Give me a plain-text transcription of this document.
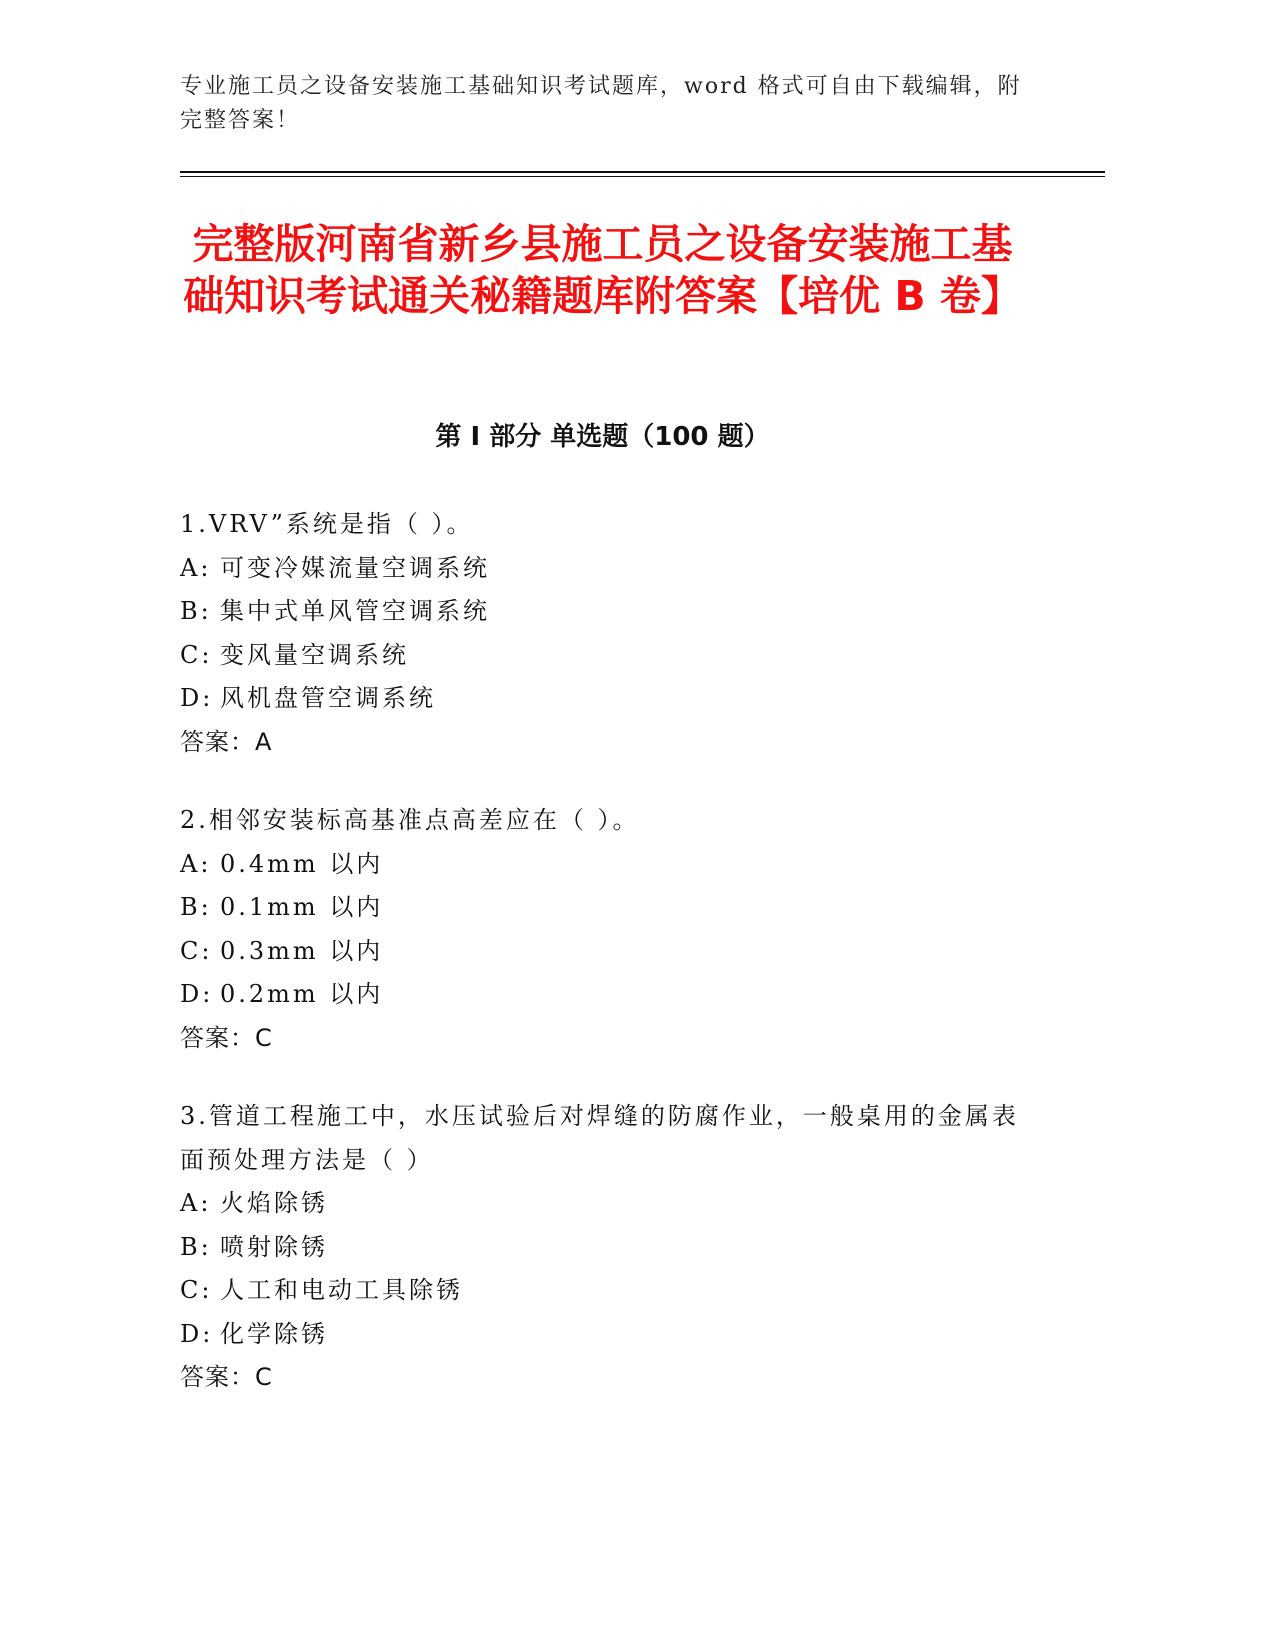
专业施工员之设备安装施工基础知识考试题库，word 格式可自由下载编辑，附完整答案！
完整版河南省新乡县施工员之设备安装施工基础知识考试通关秘籍题库附答案【培优 B 卷】
第 I 部分 单选题（100 题）
1.VRV”系统是指（ ）。
A: 可变冷媒流量空调系统
B: 集中式单风管空调系统
C: 变风量空调系统
D: 风机盘管空调系统
答案：A
2.相邻安装标高基准点高差应在（ ）。
A: 0.4mm 以内
B: 0.1mm 以内
C: 0.3mm 以内
D: 0.2mm 以内
答案：C
3.管道工程施工中，水压试验后对焊缝的防腐作业，一般桌用的金属表面预处理方法是（ ）
A: 火焰除锈
B: 喷射除锈
C: 人工和电动工具除锈
D: 化学除锈
答案：C
